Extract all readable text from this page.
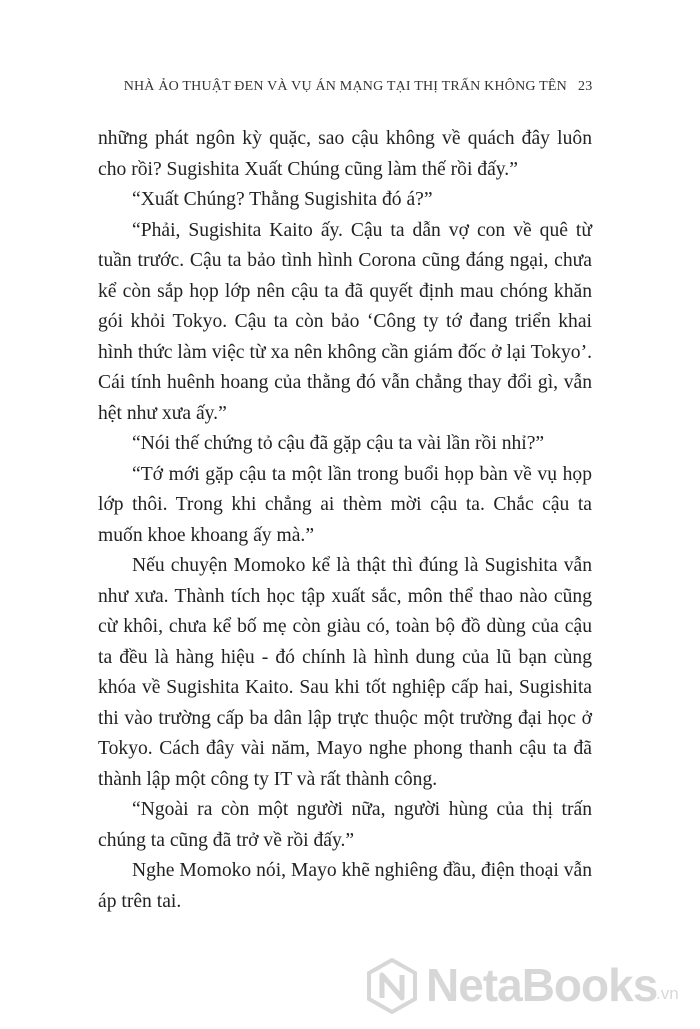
NHÀ ẢO THUẬT ĐEN VÀ VỤ ÁN MẠNG TẠI THỊ TRẤN KHÔNG TÊN 23

những phát ngôn kỳ quặc, sao cậu không về quách đây luôn cho rồi? Sugishita Xuất Chúng cũng làm thế rồi đấy.”

“Xuất Chúng? Thằng Sugishita đó á?”

“Phải, Sugishita Kaito ấy. Cậu ta dẫn vợ con về quê từ tuần trước. Cậu ta bảo tình hình Corona cũng đáng ngại, chưa kể còn sắp họp lớp nên cậu ta đã quyết định mau chóng khăn gói khỏi Tokyo. Cậu ta còn bảo ‘Công ty tớ đang triển khai hình thức làm việc từ xa nên không cần giám đốc ở lại Tokyo’. Cái tính huênh hoang của thằng đó vẫn chẳng thay đổi gì, vẫn hệt như xưa ấy.”

“Nói thế chứng tỏ cậu đã gặp cậu ta vài lần rồi nhỉ?”

“Tớ mới gặp cậu ta một lần trong buổi họp bàn về vụ họp lớp thôi. Trong khi chẳng ai thèm mời cậu ta. Chắc cậu ta muốn khoe khoang ấy mà.”

Nếu chuyện Momoko kể là thật thì đúng là Sugishita vẫn như xưa. Thành tích học tập xuất sắc, môn thể thao nào cũng cừ khôi, chưa kể bố mẹ còn giàu có, toàn bộ đồ dùng của cậu ta đều là hàng hiệu - đó chính là hình dung của lũ bạn cùng khóa về Sugishita Kaito. Sau khi tốt nghiệp cấp hai, Sugishita thi vào trường cấp ba dân lập trực thuộc một trường đại học ở Tokyo. Cách đây vài năm, Mayo nghe phong thanh cậu ta đã thành lập một công ty IT và rất thành công.

“Ngoài ra còn một người nữa, người hùng của thị trấn chúng ta cũng đã trở về rồi đấy.”

Nghe Momoko nói, Mayo khẽ nghiêng đầu, điện thoại vẫn áp trên tai.

NetaBooks
.vn
